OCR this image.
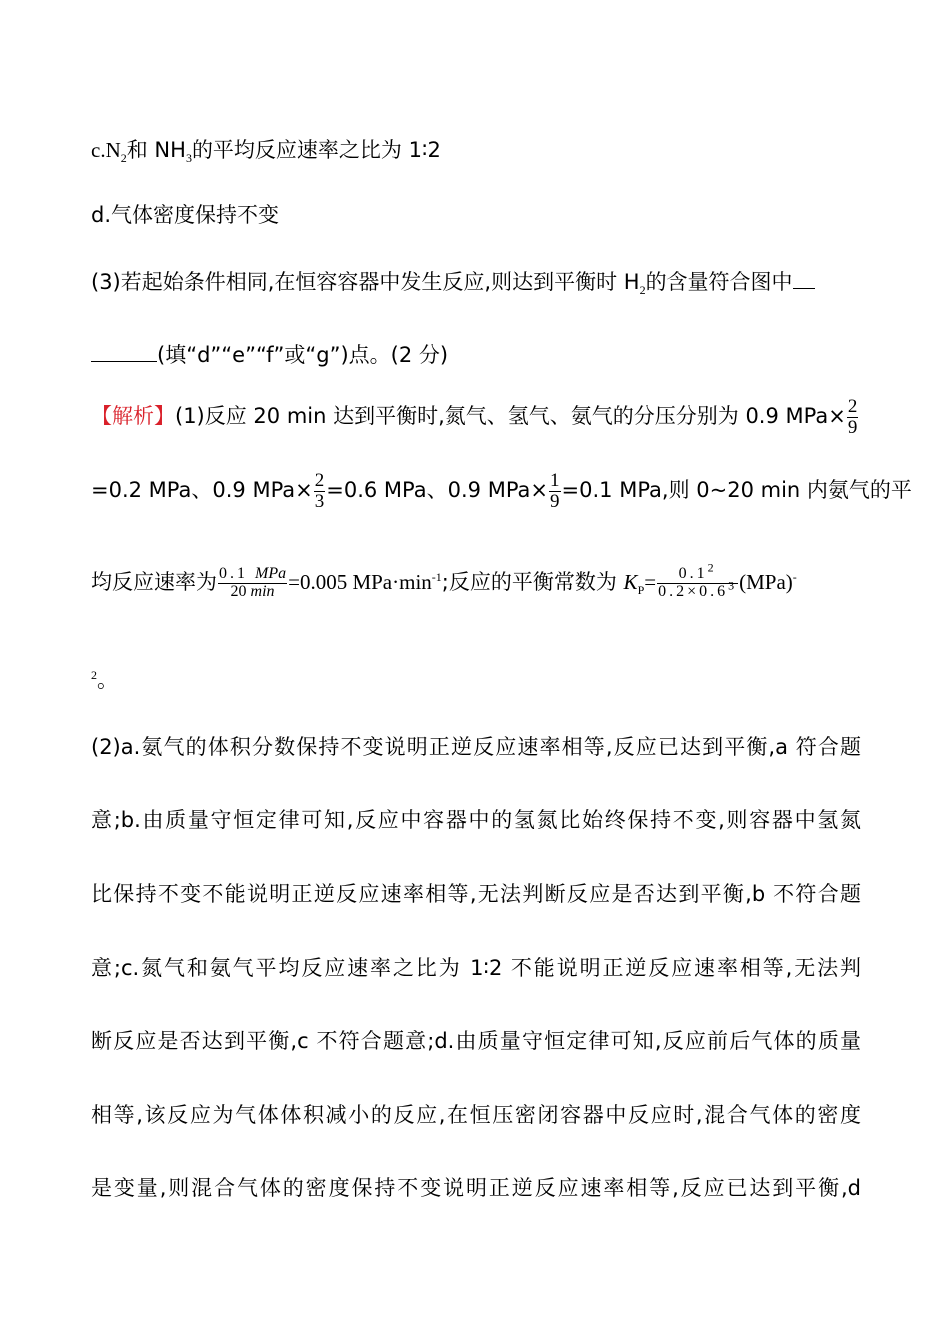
$c.N_2$和 $NH_3$的平均反应速率之比为 1∶2
d.气体密度保持不变
(3)若起始条件相同,在恒容容器中发生反应,则达到平衡时 $H_2$的含量符合图中
(填“d”“e”“f”或“g”)点。(2 分)
【解析】(1)反应 20 min 达到平衡时,氮气、氢气、氨气的分压分别为 0.9 $MPa\times \frac{2}{9}$
=0.2 MPa、0.9 $MPa\times \frac{2}{3} =0.6$ MPa、0.9 $MPa\times \frac{1}{9} =0.1$ MPa,则 0~20 min 内氨气的平
均反应速率为 $\frac{\text{0.1 MPa}}{20 \min} =0.005$ $MPa\cdot\min^{-1}$;反应的平衡常数为 $K_P= \frac{0.1^2}{0.2\times 0.6^3} (MPa)^-$
$^2$。
(2)a.氨气的体积分数保持不变说明正逆反应速率相等,反应已达到平衡,a 符合题
意;b.由质量守恒定律可知,反应中容器中的氢氮比始终保持不变,则容器中氢氮
比保持不变不能说明正逆反应速率相等,无法判断反应是否达到平衡,b 不符合题
意;c.氮气和氨气平均反应速率之比为 1∶2 不能说明正逆反应速率相等,无法判
断反应是否达到平衡,c 不符合题意;d.由质量守恒定律可知,反应前后气体的质量
相等,该反应为气体体积减小的反应,在恒压密闭容器中反应时,混合气体的密度
是变量,则混合气体的密度保持不变说明正逆反应速率相等,反应已达到平衡,d
